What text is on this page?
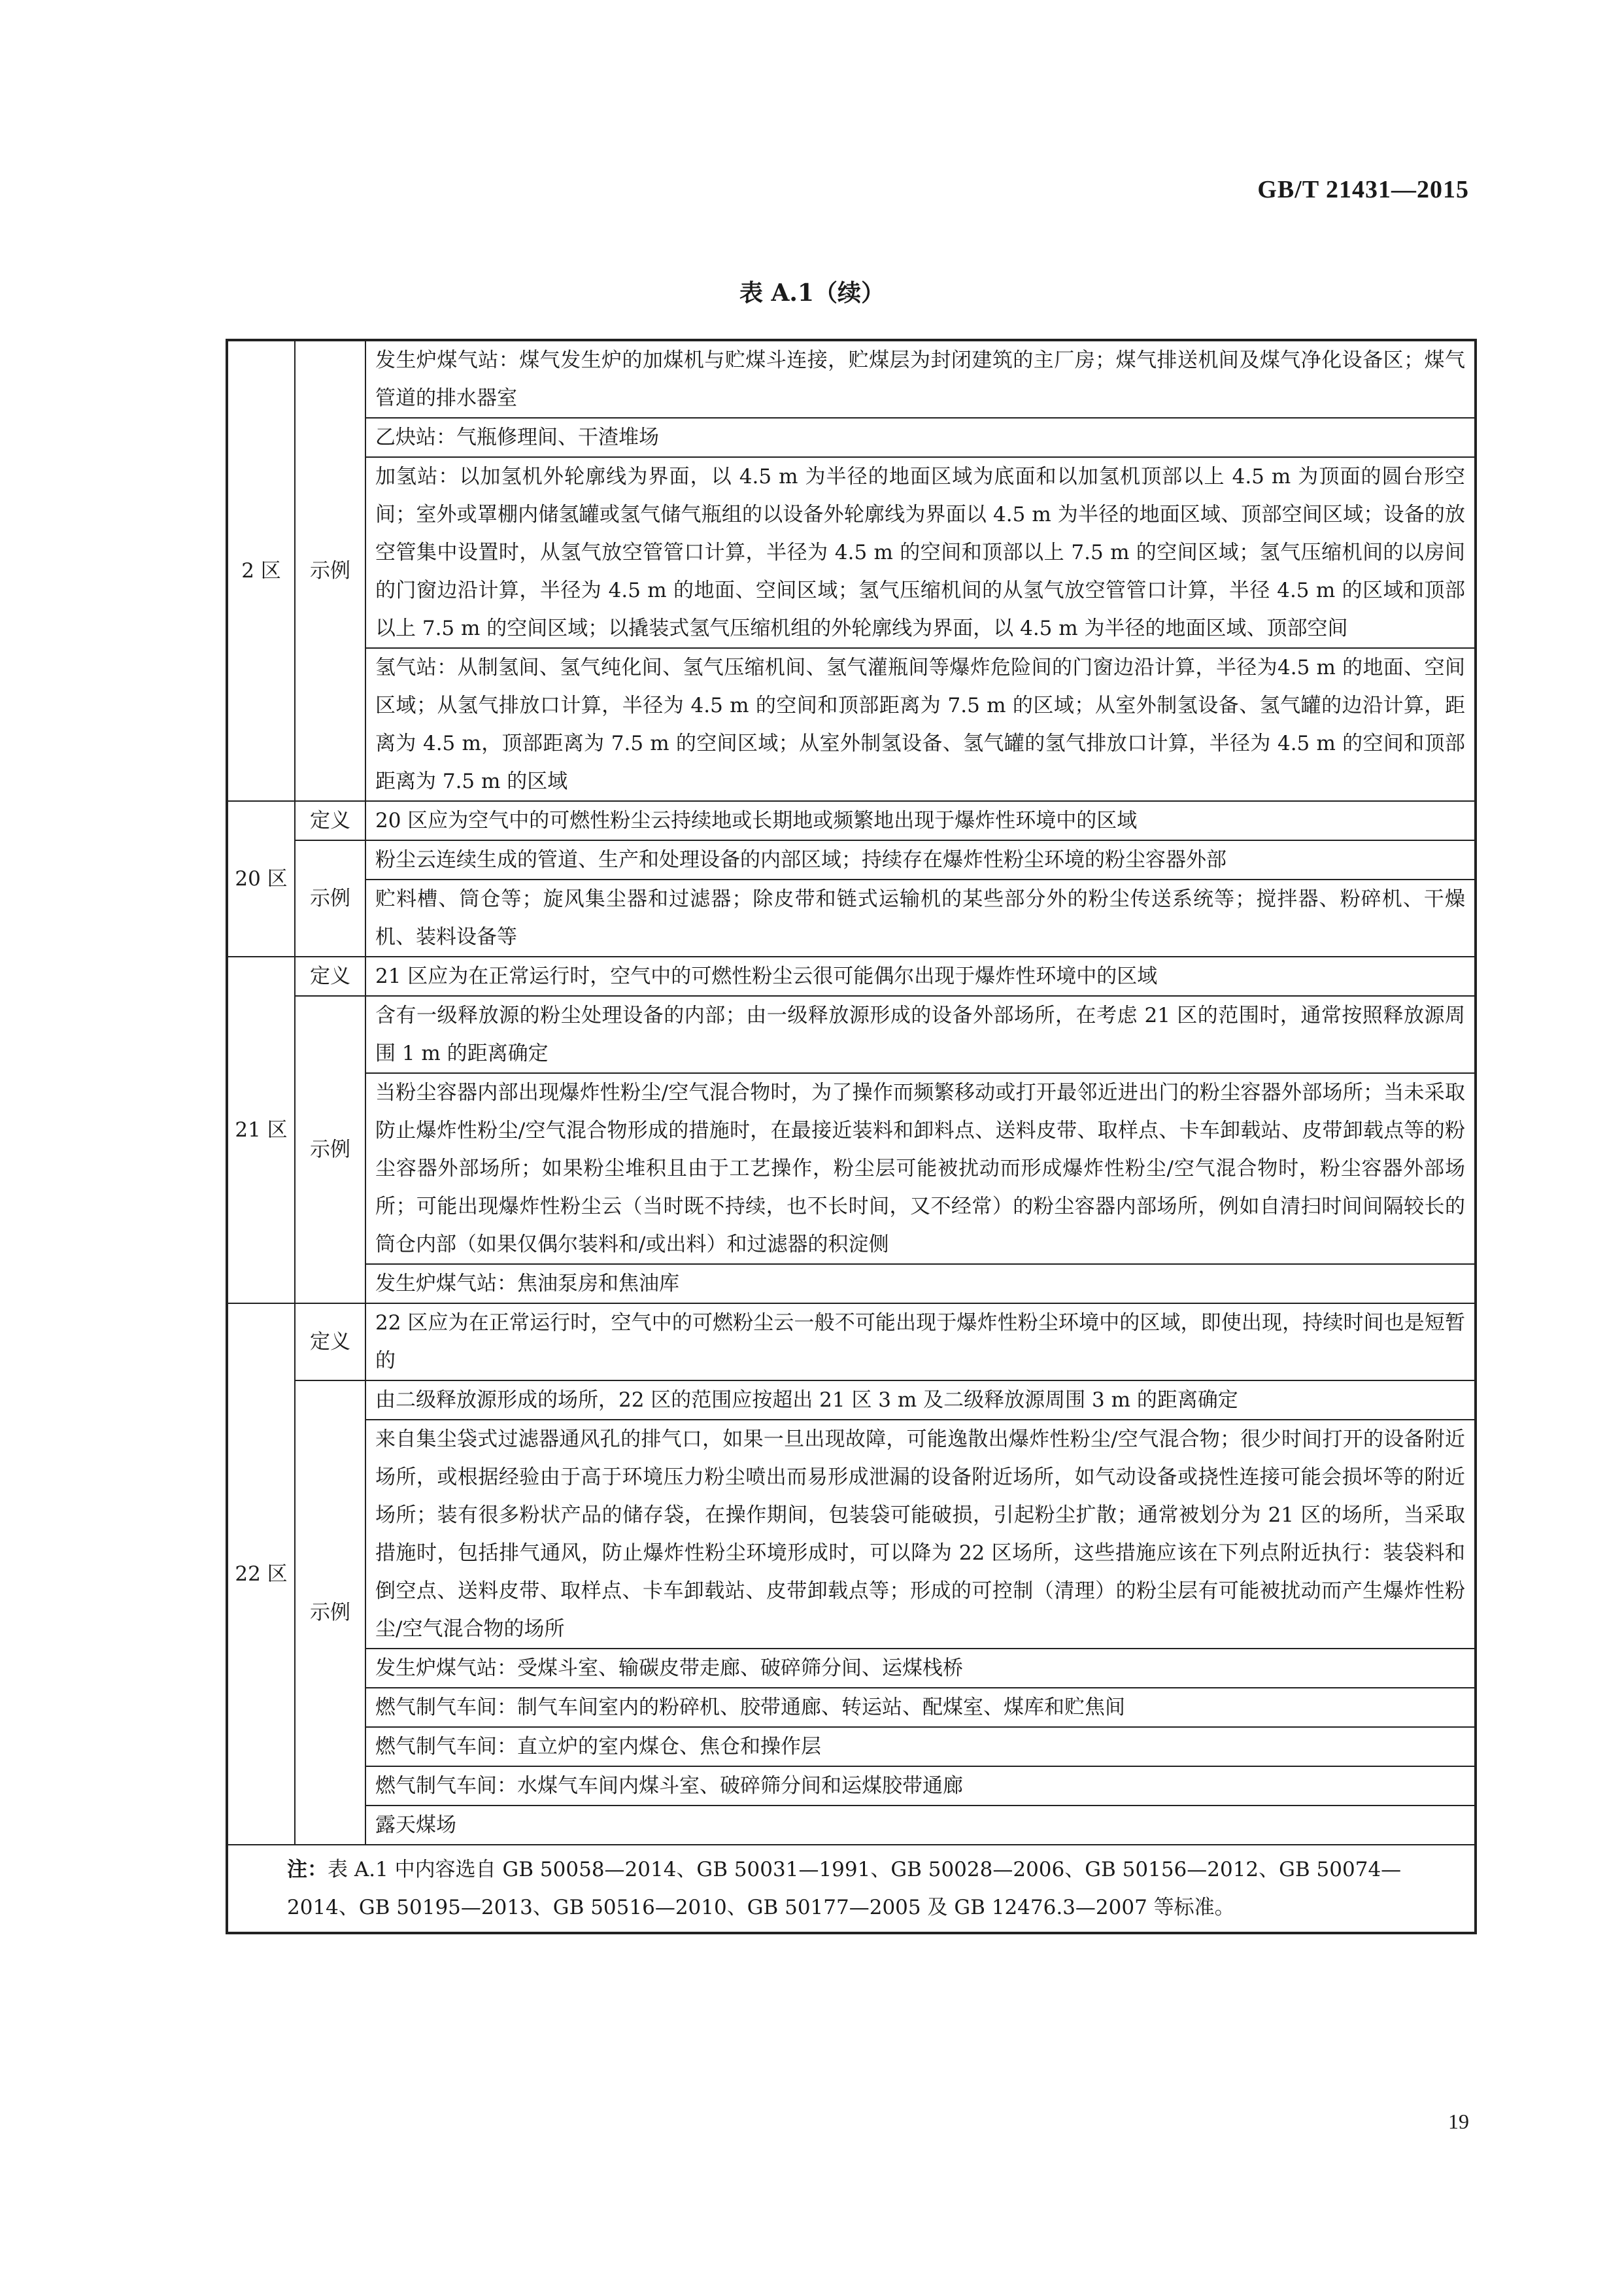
GB/T 21431—2015
表 A.1（续）
2 区	示例	发生炉煤气站：煤气发生炉的加煤机与贮煤斗连接，贮煤层为封闭建筑的主厂房；煤气排送机间及煤气净化设备区；煤气管道的排水器室
		乙炔站：气瓶修理间、干渣堆场
		加氢站：以加氢机外轮廓线为界面，以 4.5 m 为半径的地面区域为底面和以加氢机顶部以上 4.5 m 为顶面的圆台形空间；室外或罩棚内储氢罐或氢气储气瓶组的以设备外轮廓线为界面以 4.5 m 为半径的地面区域、顶部空间区域；设备的放空管集中设置时，从氢气放空管管口计算，半径为 4.5 m 的空间和顶部以上 7.5 m 的空间区域；氢气压缩机间的以房间的门窗边沿计算，半径为 4.5 m 的地面、空间区域；氢气压缩机间的从氢气放空管管口计算，半径 4.5 m 的区域和顶部以上 7.5 m 的空间区域；以撬装式氢气压缩机组的外轮廓线为界面，以 4.5 m 为半径的地面区域、顶部空间
		氢气站：从制氢间、氢气纯化间、氢气压缩机间、氢气灌瓶间等爆炸危险间的门窗边沿计算，半径为4.5 m 的地面、空间区域；从氢气排放口计算，半径为 4.5 m 的空间和顶部距离为 7.5 m 的区域；从室外制氢设备、氢气罐的边沿计算，距离为 4.5 m，顶部距离为 7.5 m 的空间区域；从室外制氢设备、氢气罐的氢气排放口计算，半径为 4.5 m 的空间和顶部距离为 7.5 m 的区域
20 区	定义	20 区应为空气中的可燃性粉尘云持续地或长期地或频繁地出现于爆炸性环境中的区域
	示例	粉尘云连续生成的管道、生产和处理设备的内部区域；持续存在爆炸性粉尘环境的粉尘容器外部
		贮料槽、筒仓等；旋风集尘器和过滤器；除皮带和链式运输机的某些部分外的粉尘传送系统等；搅拌器、粉碎机、干燥机、装料设备等
21 区	定义	21 区应为在正常运行时，空气中的可燃性粉尘云很可能偶尔出现于爆炸性环境中的区域
	示例	含有一级释放源的粉尘处理设备的内部；由一级释放源形成的设备外部场所，在考虑 21 区的范围时，通常按照释放源周围 1 m 的距离确定
		当粉尘容器内部出现爆炸性粉尘/空气混合物时，为了操作而频繁移动或打开最邻近进出门的粉尘容器外部场所；当未采取防止爆炸性粉尘/空气混合物形成的措施时，在最接近装料和卸料点、送料皮带、取样点、卡车卸载站、皮带卸载点等的粉尘容器外部场所；如果粉尘堆积且由于工艺操作，粉尘层可能被扰动而形成爆炸性粉尘/空气混合物时，粉尘容器外部场所；可能出现爆炸性粉尘云（当时既不持续，也不长时间，又不经常）的粉尘容器内部场所，例如自清扫时间间隔较长的筒仓内部（如果仅偶尔装料和/或出料）和过滤器的积淀侧
		发生炉煤气站：焦油泵房和焦油库
22 区	定义	22 区应为在正常运行时，空气中的可燃粉尘云一般不可能出现于爆炸性粉尘环境中的区域，即使出现，持续时间也是短暂的
	示例	由二级释放源形成的场所，22 区的范围应按超出 21 区 3 m 及二级释放源周围 3 m 的距离确定
		来自集尘袋式过滤器通风孔的排气口，如果一旦出现故障，可能逸散出爆炸性粉尘/空气混合物；很少时间打开的设备附近场所，或根据经验由于高于环境压力粉尘喷出而易形成泄漏的设备附近场所，如气动设备或挠性连接可能会损坏等的附近场所；装有很多粉状产品的储存袋，在操作期间，包装袋可能破损，引起粉尘扩散；通常被划分为 21 区的场所，当采取措施时，包括排气通风，防止爆炸性粉尘环境形成时，可以降为 22 区场所，这些措施应该在下列点附近执行：装袋料和倒空点、送料皮带、取样点、卡车卸载站、皮带卸载点等；形成的可控制（清理）的粉尘层有可能被扰动而产生爆炸性粉尘/空气混合物的场所
		发生炉煤气站：受煤斗室、输碳皮带走廊、破碎筛分间、运煤栈桥
		燃气制气车间：制气车间室内的粉碎机、胶带通廊、转运站、配煤室、煤库和贮焦间
		燃气制气车间：直立炉的室内煤仓、焦仓和操作层
		燃气制气车间：水煤气车间内煤斗室、破碎筛分间和运煤胶带通廊
		露天煤场
注：表 A.1 中内容选自 GB 50058—2014、GB 50031—1991、GB 50028—2006、GB 50156—2012、GB 50074—2014、GB 50195—2013、GB 50516—2010、GB 50177—2005 及 GB 12476.3—2007 等标准。		
19
